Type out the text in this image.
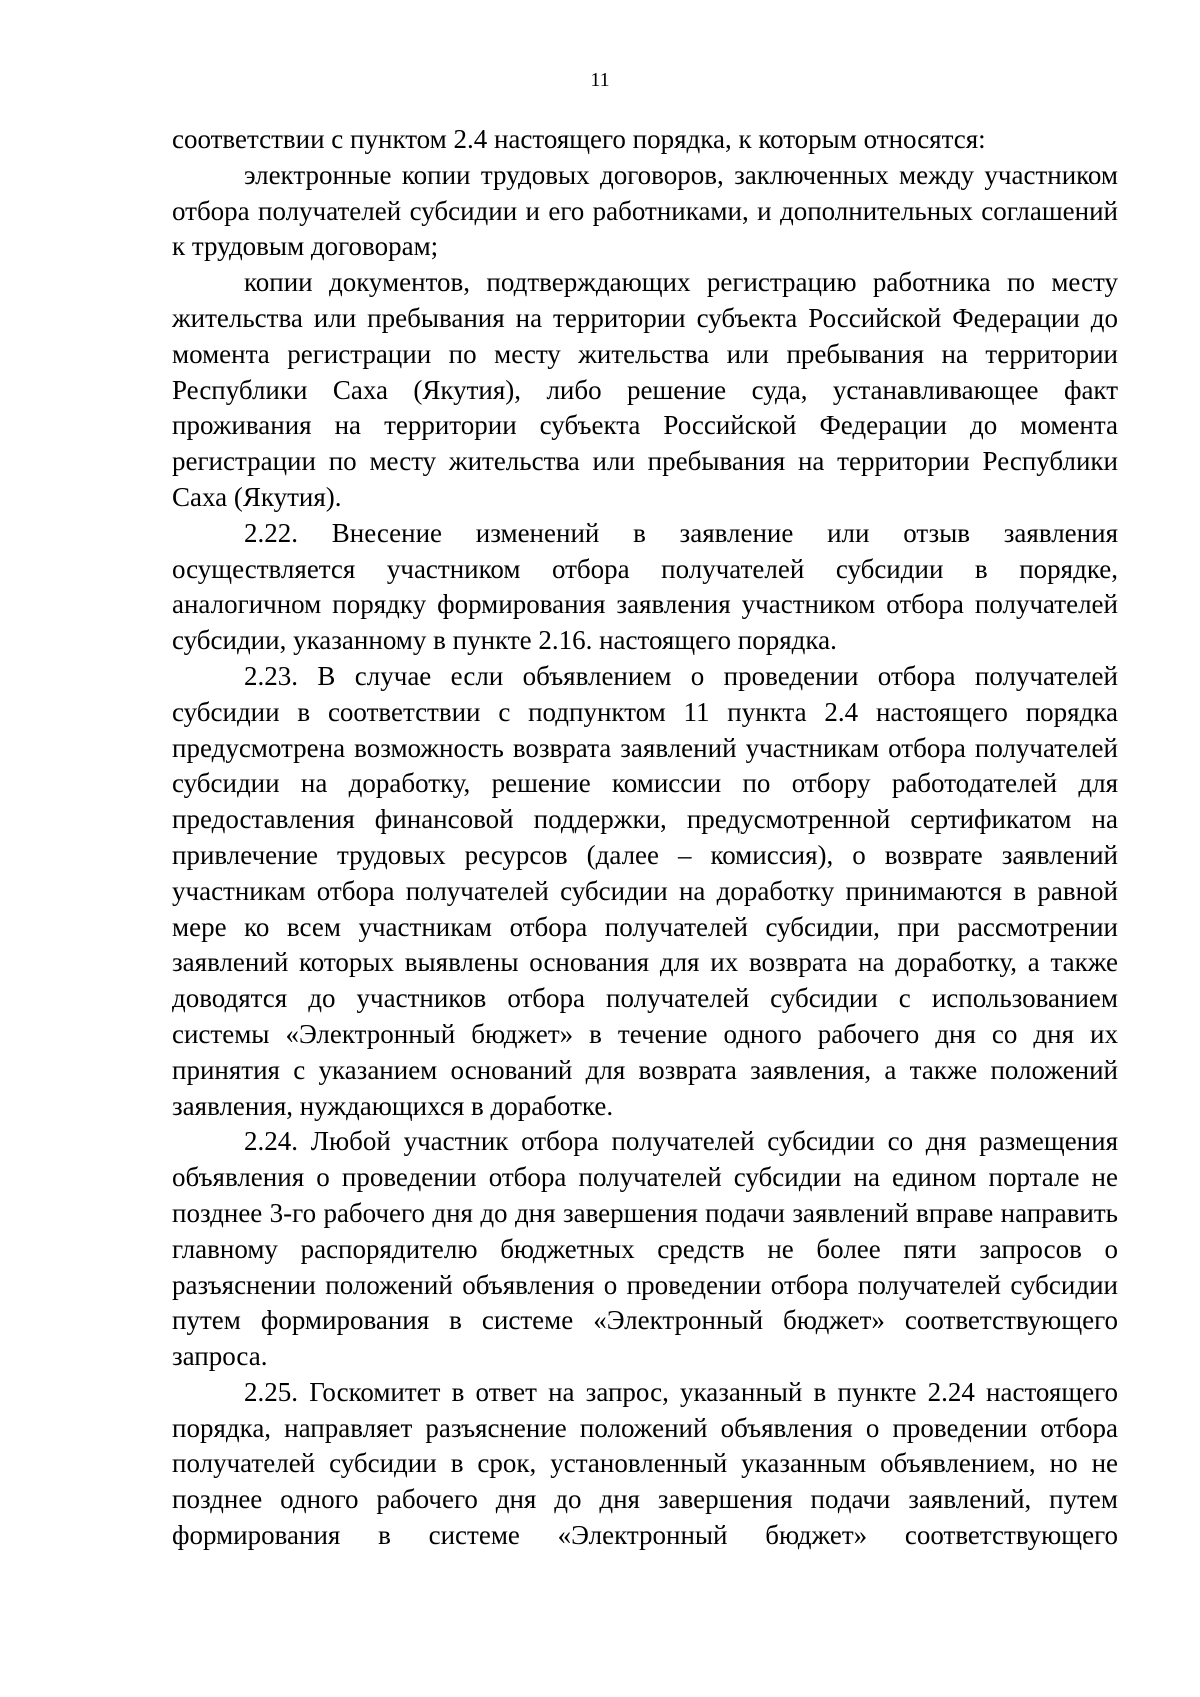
11

соответствии с пунктом 2.4 настоящего порядка, к которым относятся:

электронные копии трудовых договоров, заключенных между участником отбора получателей субсидии и его работниками, и дополнительных соглашений к трудовым договорам;

копии документов, подтверждающих регистрацию работника по месту жительства или пребывания на территории субъекта Российской Федерации до момента регистрации по месту жительства или пребывания на территории Республики Саха (Якутия), либо решение суда, устанавливающее факт проживания на территории субъекта Российской Федерации до момента регистрации по месту жительства или пребывания на территории Республики Саха (Якутия).

2.22. Внесение изменений в заявление или отзыв заявления осуществляется участником отбора получателей субсидии в порядке, аналогичном порядку формирования заявления участником отбора получателей субсидии, указанному в пункте 2.16. настоящего порядка.

2.23. В случае если объявлением о проведении отбора получателей субсидии в соответствии с подпунктом 11 пункта 2.4 настоящего порядка предусмотрена возможность возврата заявлений участникам отбора получателей субсидии на доработку, решение комиссии по отбору работодателей для предоставления финансовой поддержки, предусмотренной сертификатом на привлечение трудовых ресурсов (далее – комиссия), о возврате заявлений участникам отбора получателей субсидии на доработку принимаются в равной мере ко всем участникам отбора получателей субсидии, при рассмотрении заявлений которых выявлены основания для их возврата на доработку, а также доводятся до участников отбора получателей субсидии с использованием системы «Электронный бюджет» в течение одного рабочего дня со дня их принятия с указанием оснований для возврата заявления, а также положений заявления, нуждающихся в доработке.

2.24. Любой участник отбора получателей субсидии со дня размещения объявления о проведении отбора получателей субсидии на едином портале не позднее 3-го рабочего дня до дня завершения подачи заявлений вправе направить главному распорядителю бюджетных средств не более пяти запросов о разъяснении положений объявления о проведении отбора получателей субсидии путем формирования в системе «Электронный бюджет» соответствующего запроса.

2.25. Госкомитет в ответ на запрос, указанный в пункте 2.24 настоящего порядка, направляет разъяснение положений объявления о проведении отбора получателей субсидии в срок, установленный указанным объявлением, но не позднее одного рабочего дня до дня завершения подачи заявлений, путем формирования в системе «Электронный бюджет» соответствующего
